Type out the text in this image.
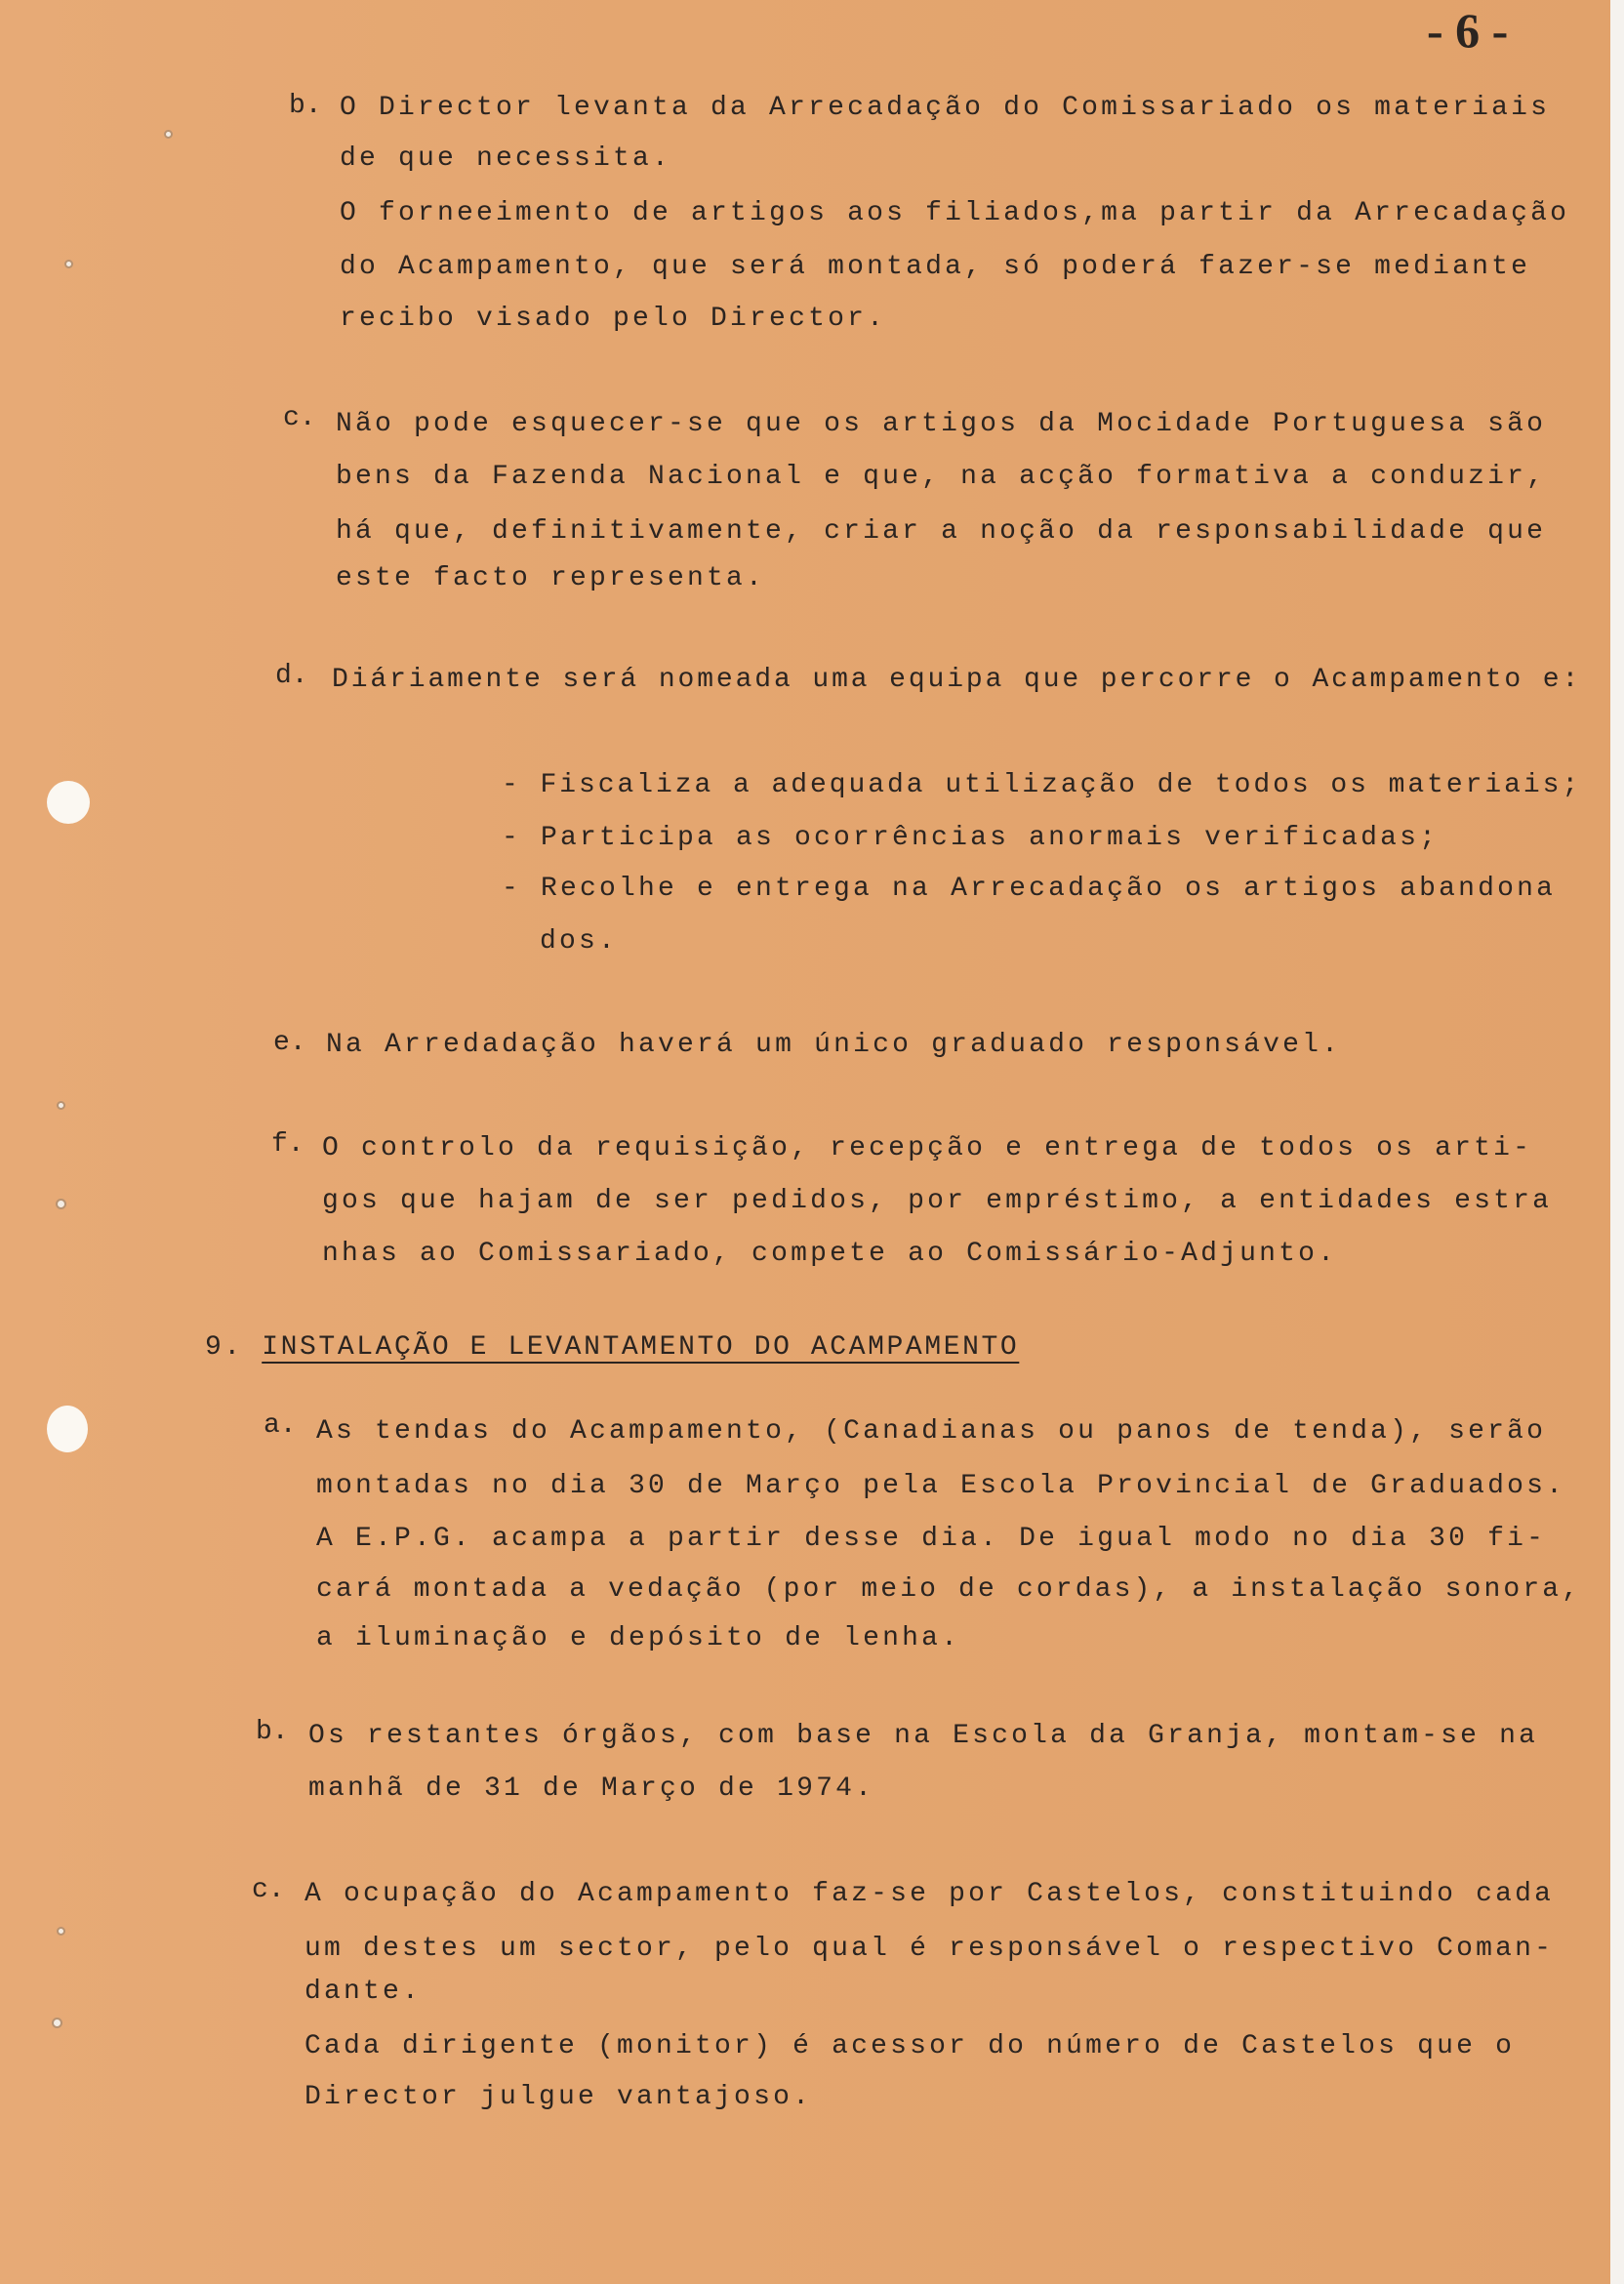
- 6 -
b. O Director levanta da Arrecadação do Comissariado os materiais
de que necessita.
O forneeimento de artigos aos filiados,ma partir da Arrecadação
do Acampamento, que será montada, só poderá fazer-se mediante
recibo visado pelo Director.
c. Não pode esquecer-se que os artigos da Mocidade Portuguesa são
bens da Fazenda Nacional e que, na acção formativa a conduzir,
há que, definitivamente, criar a noção da responsabilidade que
este facto representa.
d. Diáriamente será nomeada uma equipa que percorre o Acampamento e:
- Fiscaliza a adequada utilização de todos os materiais;
- Participa as ocorrências anormais verificadas;
- Recolhe e entrega na Arrecadação os artigos abandona
dos.
e. Na Arredadação haverá um único graduado responsável.
f. O controlo da requisição, recepção e entrega de todos os arti-
gos que hajam de ser pedidos, por empréstimo, a entidades estra
nhas ao Comissariado, compete ao Comissário-Adjunto.
9. INSTALAÇÃO E LEVANTAMENTO DO ACAMPAMENTO
a. As tendas do Acampamento, (Canadianas ou panos de tenda), serão
montadas no dia 30 de Março pela Escola Provincial de Graduados.
A E.P.G. acampa a partir desse dia. De igual modo no dia 30 fi-
cará montada a vedação (por meio de cordas), a instalação sonora,
a iluminação e depósito de lenha.
b. Os restantes órgãos, com base na Escola da Granja, montam-se na
manhã de 31 de Março de 1974.
c. A ocupação do Acampamento faz-se por Castelos, constituindo cada
um destes um sector, pelo qual é responsável o respectivo Coman-
dante.
Cada dirigente (monitor) é acessor do número de Castelos que o
Director julgue vantajoso.
